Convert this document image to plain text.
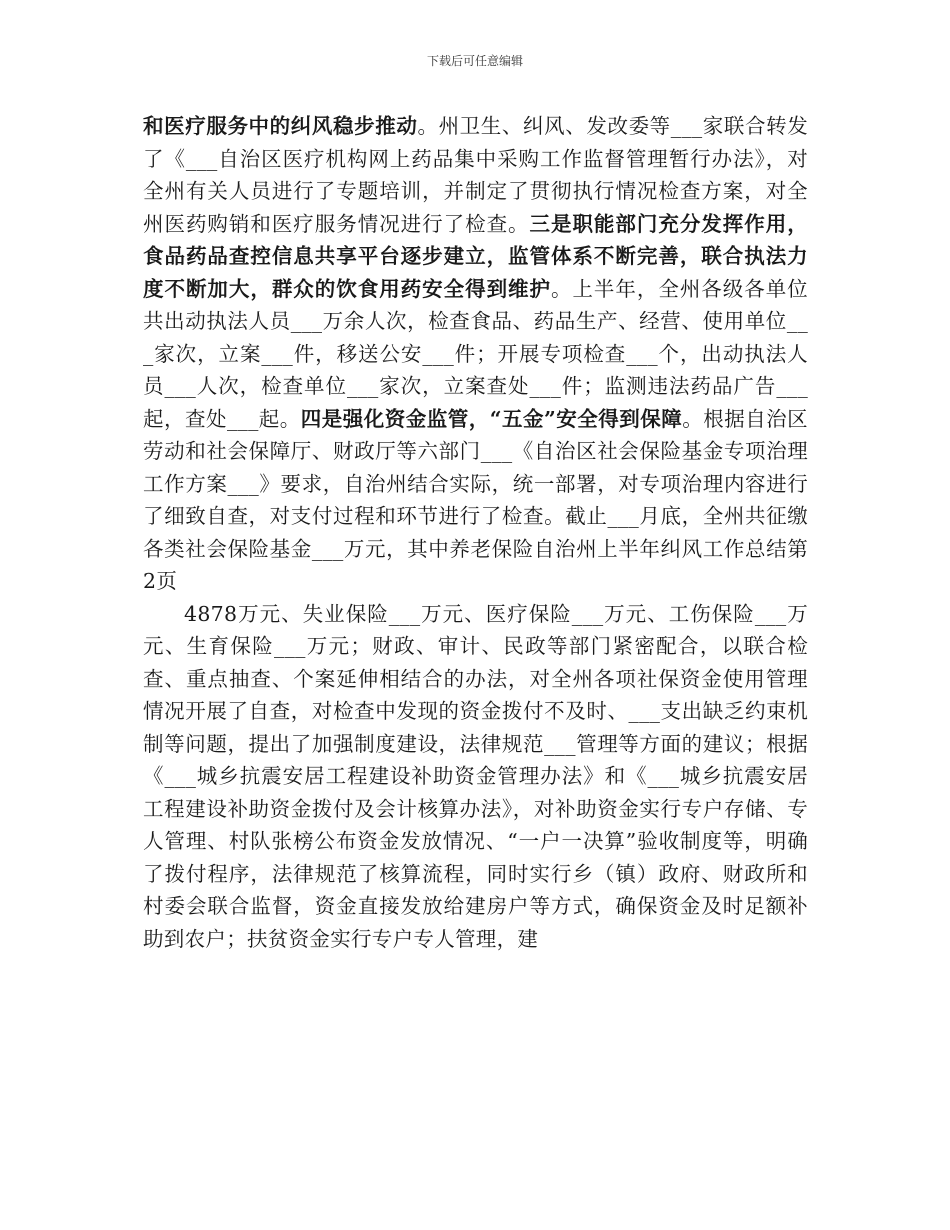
下载后可任意编辑

和医疗服务中的纠风稳步推动。州卫生、纠风、发改委等___家联合转发了《___自治区医疗机构网上药品集中采购工作监督管理暂行办法》，对全州有关人员进行了专题培训，并制定了贯彻执行情况检查方案，对全州医药购销和医疗服务情况进行了检查。三是职能部门充分发挥作用，食品药品查控信息共享平台逐步建立，监管体系不断完善，联合执法力度不断加大，群众的饮食用药安全得到维护。上半年，全州各级各单位共出动执法人员___万余人次，检查食品、药品生产、经营、使用单位___家次，立案___件，移送公安___件；开展专项检查___个，出动执法人员___人次，检查单位___家次，立案查处___件；监测违法药品广告___起，查处___起。四是强化资金监管，“五金”安全得到保障。根据自治区劳动和社会保障厅、财政厅等六部门___《自治区社会保险基金专项治理工作方案___》要求，自治州结合实际，统一部署，对专项治理内容进行了细致自查，对支付过程和环节进行了检查。截止___月底，全州共征缴各类社会保险基金___万元，其中养老保险自治州上半年纠风工作总结第2页

4878万元、失业保险___万元、医疗保险___万元、工伤保险___万元、生育保险___万元；财政、审计、民政等部门紧密配合，以联合检查、重点抽查、个案延伸相结合的办法，对全州各项社保资金使用管理情况开展了自查，对检查中发现的资金拨付不及时、___支出缺乏约束机制等问题，提出了加强制度建设，法律规范___管理等方面的建议；根据《___城乡抗震安居工程建设补助资金管理办法》和《___城乡抗震安居工程建设补助资金拨付及会计核算办法》，对补助资金实行专户存储、专人管理、村队张榜公布资金发放情况、“一户一决算”验收制度等，明确了拨付程序，法律规范了核算流程，同时实行乡（镇）政府、财政所和村委会联合监督，资金直接发放给建房户等方式，确保资金及时足额补助到农户；扶贫资金实行专户专人管理，建
